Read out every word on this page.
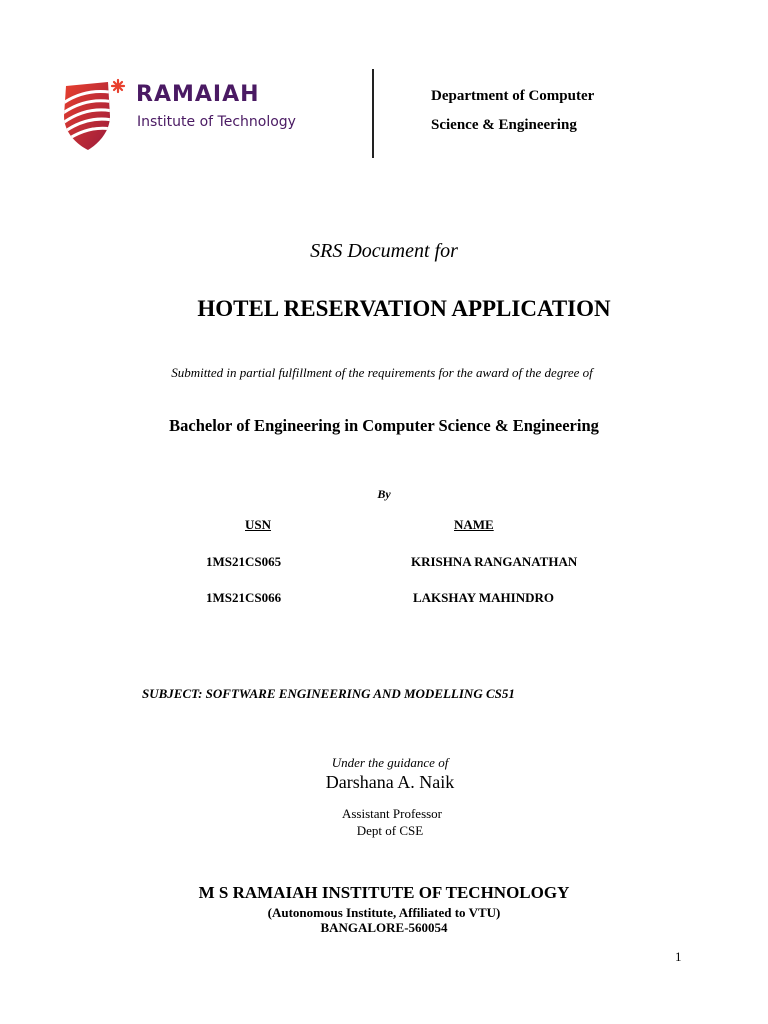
RAMAIAH
Institute of Technology
Department of Computer
Science & Engineering
SRS Document for
HOTEL RESERVATION APPLICATION
Submitted in partial fulfillment of the requirements for the award of the degree of
Bachelor of Engineering in Computer Science & Engineering
By
USN	NAME
1MS21CS065	KRISHNA RANGANATHAN
1MS21CS066	LAKSHAY MAHINDRO
SUBJECT: SOFTWARE ENGINEERING AND MODELLING CS51
Under the guidance of
Darshana A. Naik
Assistant Professor
Dept of CSE
M S RAMAIAH INSTITUTE OF TECHNOLOGY
(Autonomous Institute, Affiliated to VTU)
BANGALORE-560054
1
